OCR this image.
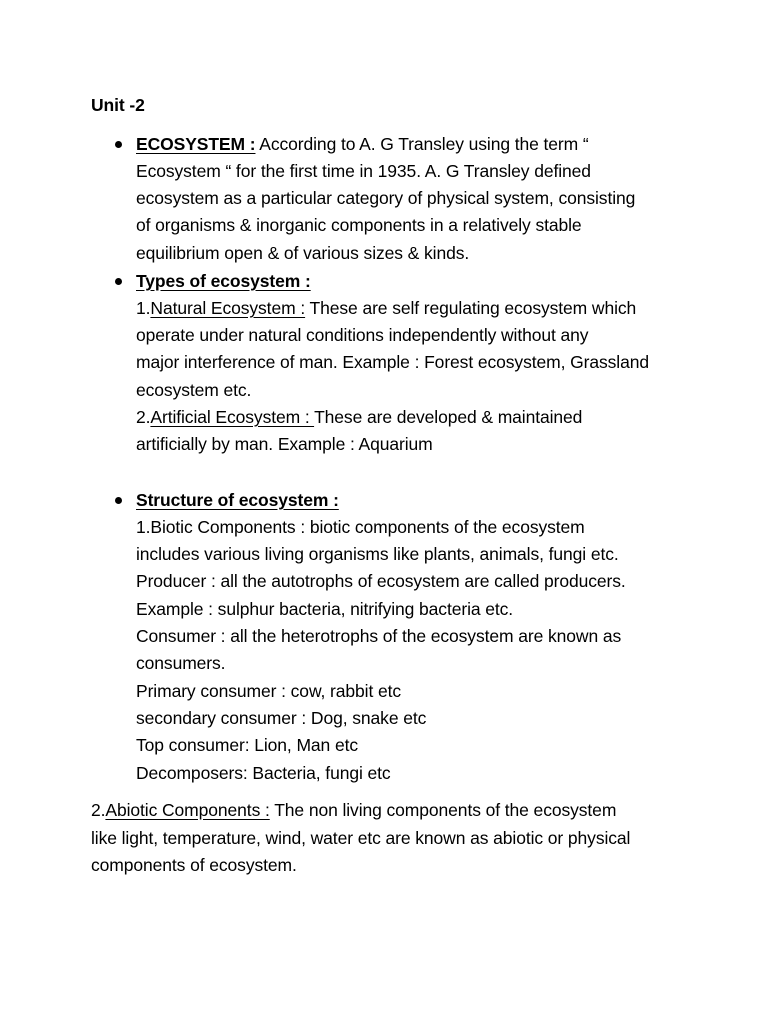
Unit -2
ECOSYSTEM : According to A. G Transley using the term “
Ecosystem “ for the first time in 1935. A. G Transley defined
ecosystem as a particular category of physical system, consisting
of organisms & inorganic components in a relatively stable
equilibrium open & of various sizes & kinds.
Types of ecosystem :
1.Natural Ecosystem : These are self regulating ecosystem which
operate under natural conditions independently without any
major interference of man. Example : Forest ecosystem, Grassland
ecosystem etc.
2.Artificial Ecosystem : These are developed & maintained
artificially by man. Example : Aquarium
Structure of ecosystem :
1.Biotic Components : biotic components of the ecosystem
includes various living organisms like plants, animals, fungi etc.
Producer : all the autotrophs of ecosystem are called producers.
Example : sulphur bacteria, nitrifying bacteria etc.
Consumer : all the heterotrophs of the ecosystem are known as
consumers.
Primary consumer : cow, rabbit etc
secondary consumer : Dog, snake etc
Top consumer: Lion, Man etc
Decomposers: Bacteria, fungi etc
2.Abiotic Components : The non living components of the ecosystem
like light, temperature, wind, water etc are known as abiotic or physical
components of ecosystem.
